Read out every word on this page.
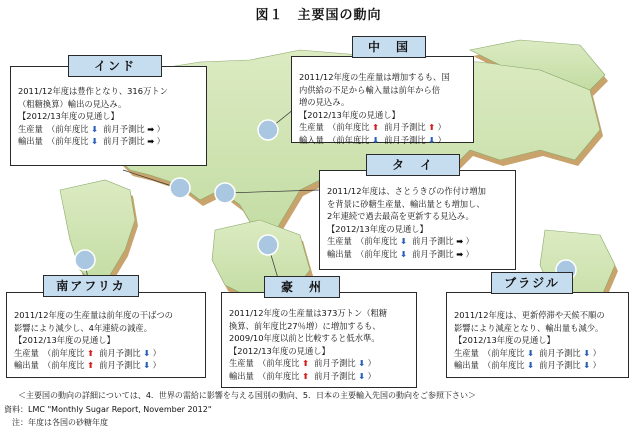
図１　主要国の動向
2011/12年度は豊作となり、316万トン
（粗糖換算）輸出の見込み。
【2012/13年度の見通し】
生産量　（前年度比 ⬇ 前月予測比 ➡ ）
輸出量　（前年度比 ⬇ 前月予測比 ➡ ）
インド
2011/12年度の生産量は増加するも、国
内供給の不足から輸入量は前年から倍
増の見込み。
【2012/13年度の見通し】
生産量　（前年度比 ⬆ 前月予測比 ⬆ ）
輸入量　（前年度比 ⬇ 前月予測比 ⬇ ）
中　国
2011/12年度は、さとうきびの作付け増加
を背景に砂糖生産量、輸出量とも増加し、
2年連続で過去最高を更新する見込み。
【2012/13年度の見通し】
生産量　（前年度比 ⬇ 前月予測比 ➡ ）
輸出量　（前年度比 ⬇ 前月予測比 ➡ ）
タ　イ
2011/12年度の生産量は前年度の干ばつの
影響により減少し、4年連続の減産。
【2012/13年度の見通し】
生産量　（前年度比 ⬆ 前月予測比 ⬇ ）
輸出量　（前年度比 ⬆ 前月予測比 ⬇ ）
南アフリカ
2011/12年度の生産量は373万トン（粗糖
換算、前年度比27％増）に増加するも、
2009/10年度以前と比較すると低水準。
【2012/13年度の見通し】
生産量　（前年度比 ⬆ 前月予測比 ⬇ ）
輸出量　（前年度比 ⬆ 前月予測比 ⬇ ）
豪　州
2011/12年度は、更新停滞や天候不順の
影響により減産となり、輸出量も減少。
【2012/13年度の見通し】
生産量　（前年度比 ⬇ 前月予測比 ⬇ ）
輸出量　（前年度比 ⬇ 前月予測比 ⬇ ）
ブラジル
＜主要国の動向の詳細については、4．世界の需給に影響を与える国別の動向、5．日本の主要輸入先国の動向をご参照下さい＞
資料：LMC "Monthly Sugar Report, November 2012"
　注：年度は各国の砂糖年度
